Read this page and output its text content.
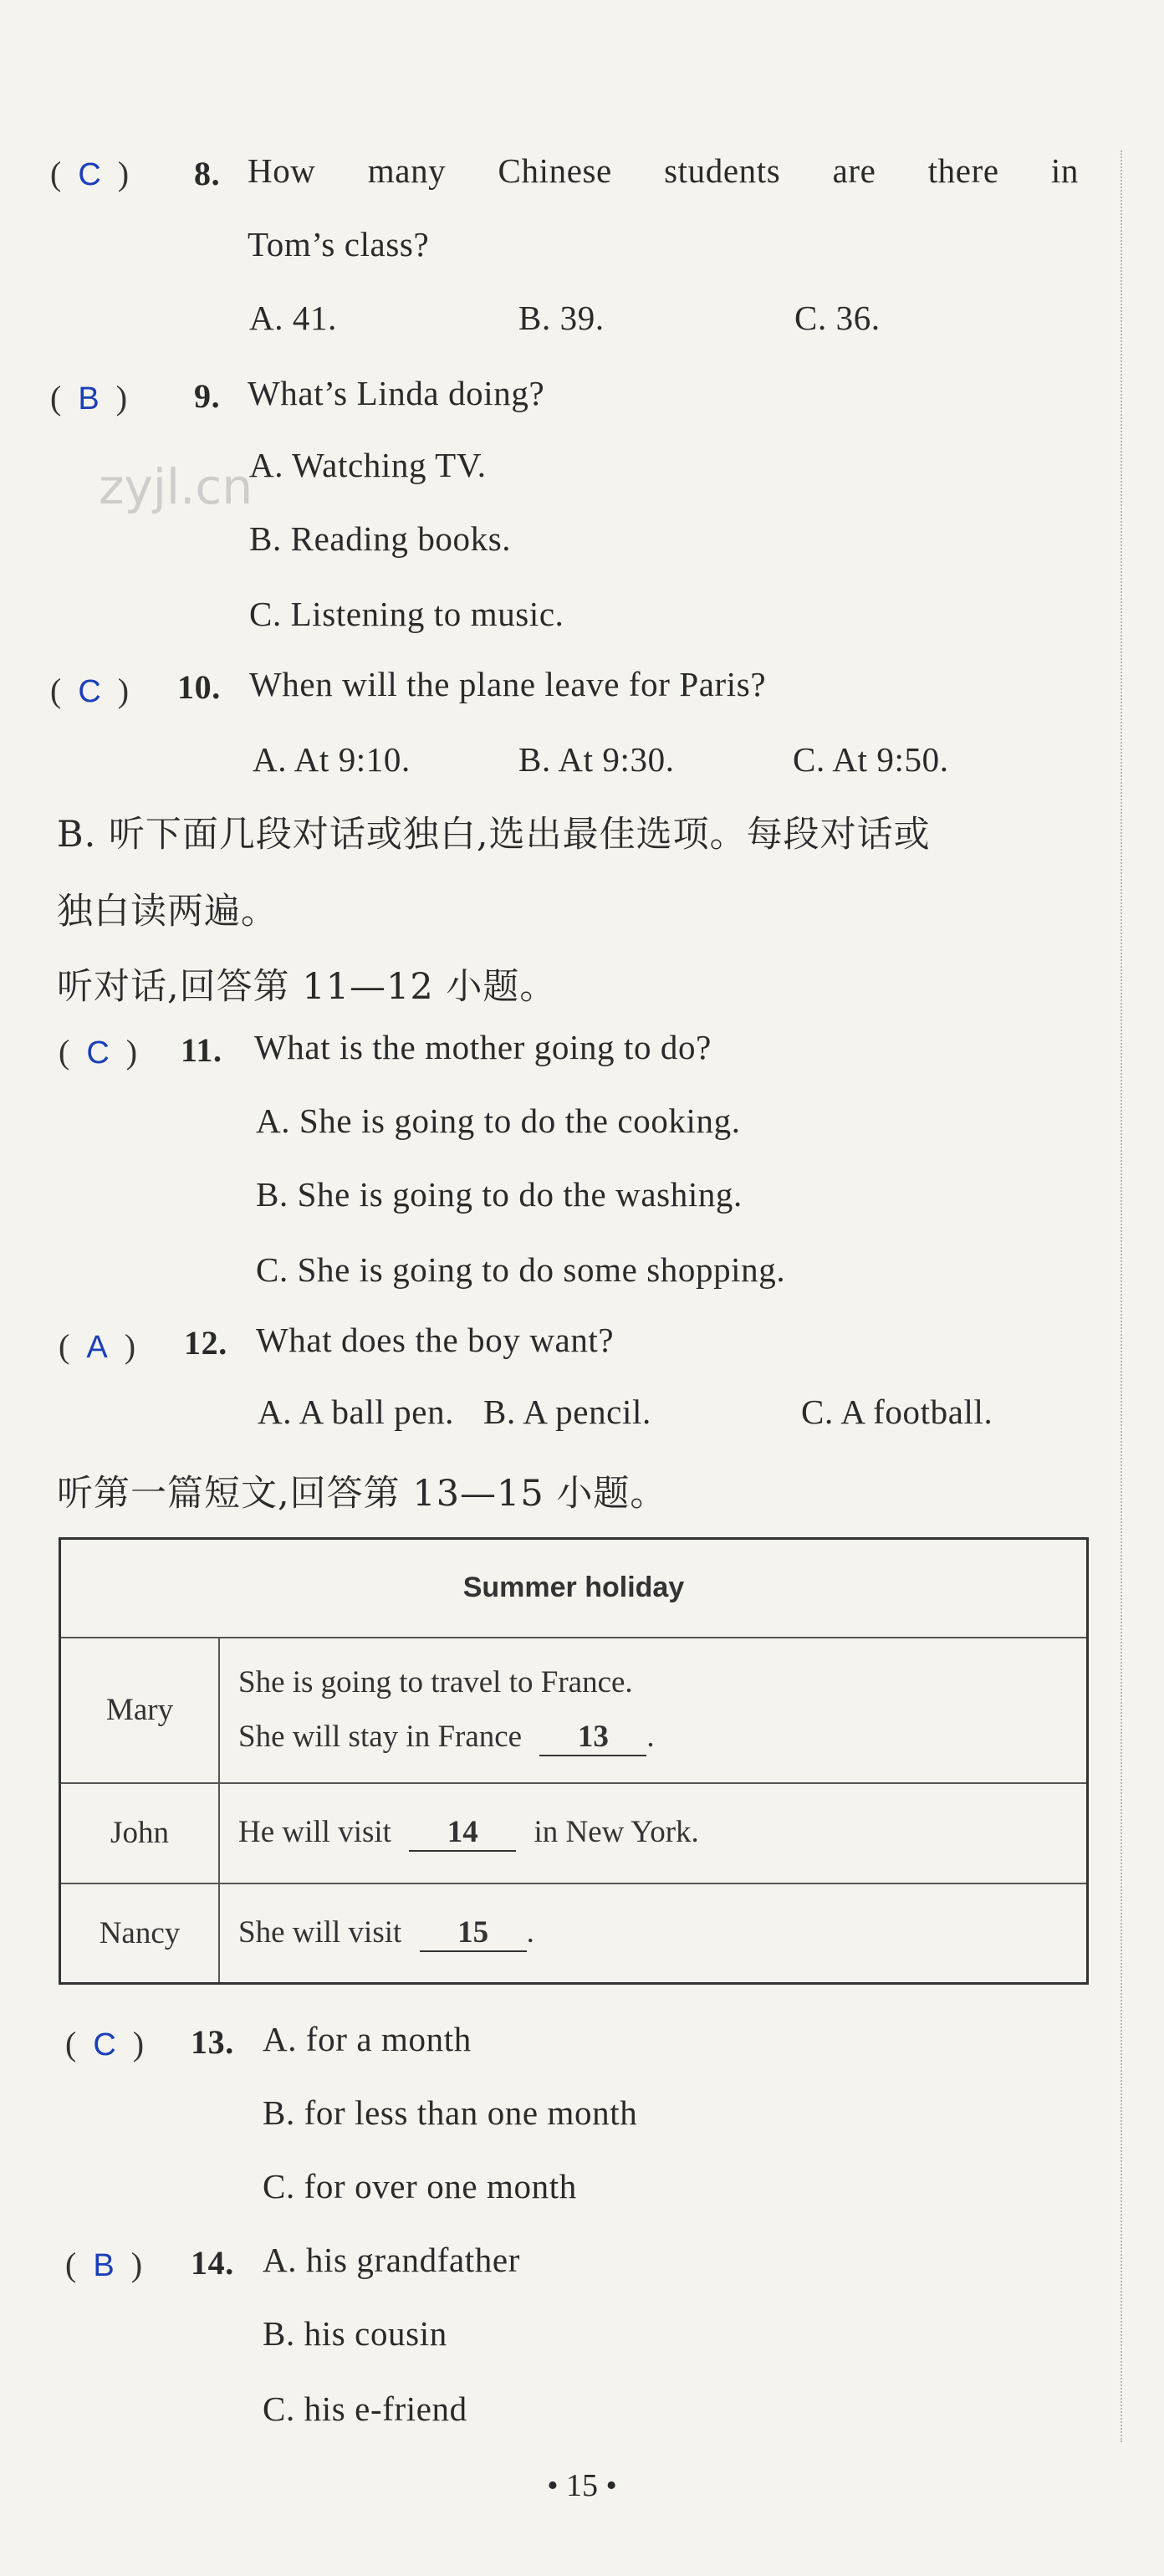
zyjl.cn
(  C  ) 8. How many Chinese students are there in
Tom’s class?
A. 41.	B. 39.	C. 36.
(  B  ) 9. What’s Linda doing?
A. Watching TV.
B. Reading books.
C. Listening to music.
(  C  ) 10. When will the plane leave for Paris?
A. At 9:10.	B. At 9:30.	C. At 9:50.
B. 听下面几段对话或独白,选出最佳选项。每段对话或
独白读两遍。
听对话,回答第 11—12 小题。
(  C  ) 11. What is the mother going to do?
A. She is going to do the cooking.
B. She is going to do the washing.
C. She is going to do some shopping.
(  A  ) 12. What does the boy want?
A. A ball pen. B. A pencil.	C. A football.
听第一篇短文,回答第 13—15 小题。
Summer holiday	
Mary	She is going to travel to France.
She will stay in France 13 .

John	He will visit 14 in New York.
Nancy	She will visit 15 .
(  C  ) 13. A. for a month
B. for less than one month
C. for over one month
(  B  ) 14. A. his grandfather
B. his cousin
C. his e-friend
• 15 •
